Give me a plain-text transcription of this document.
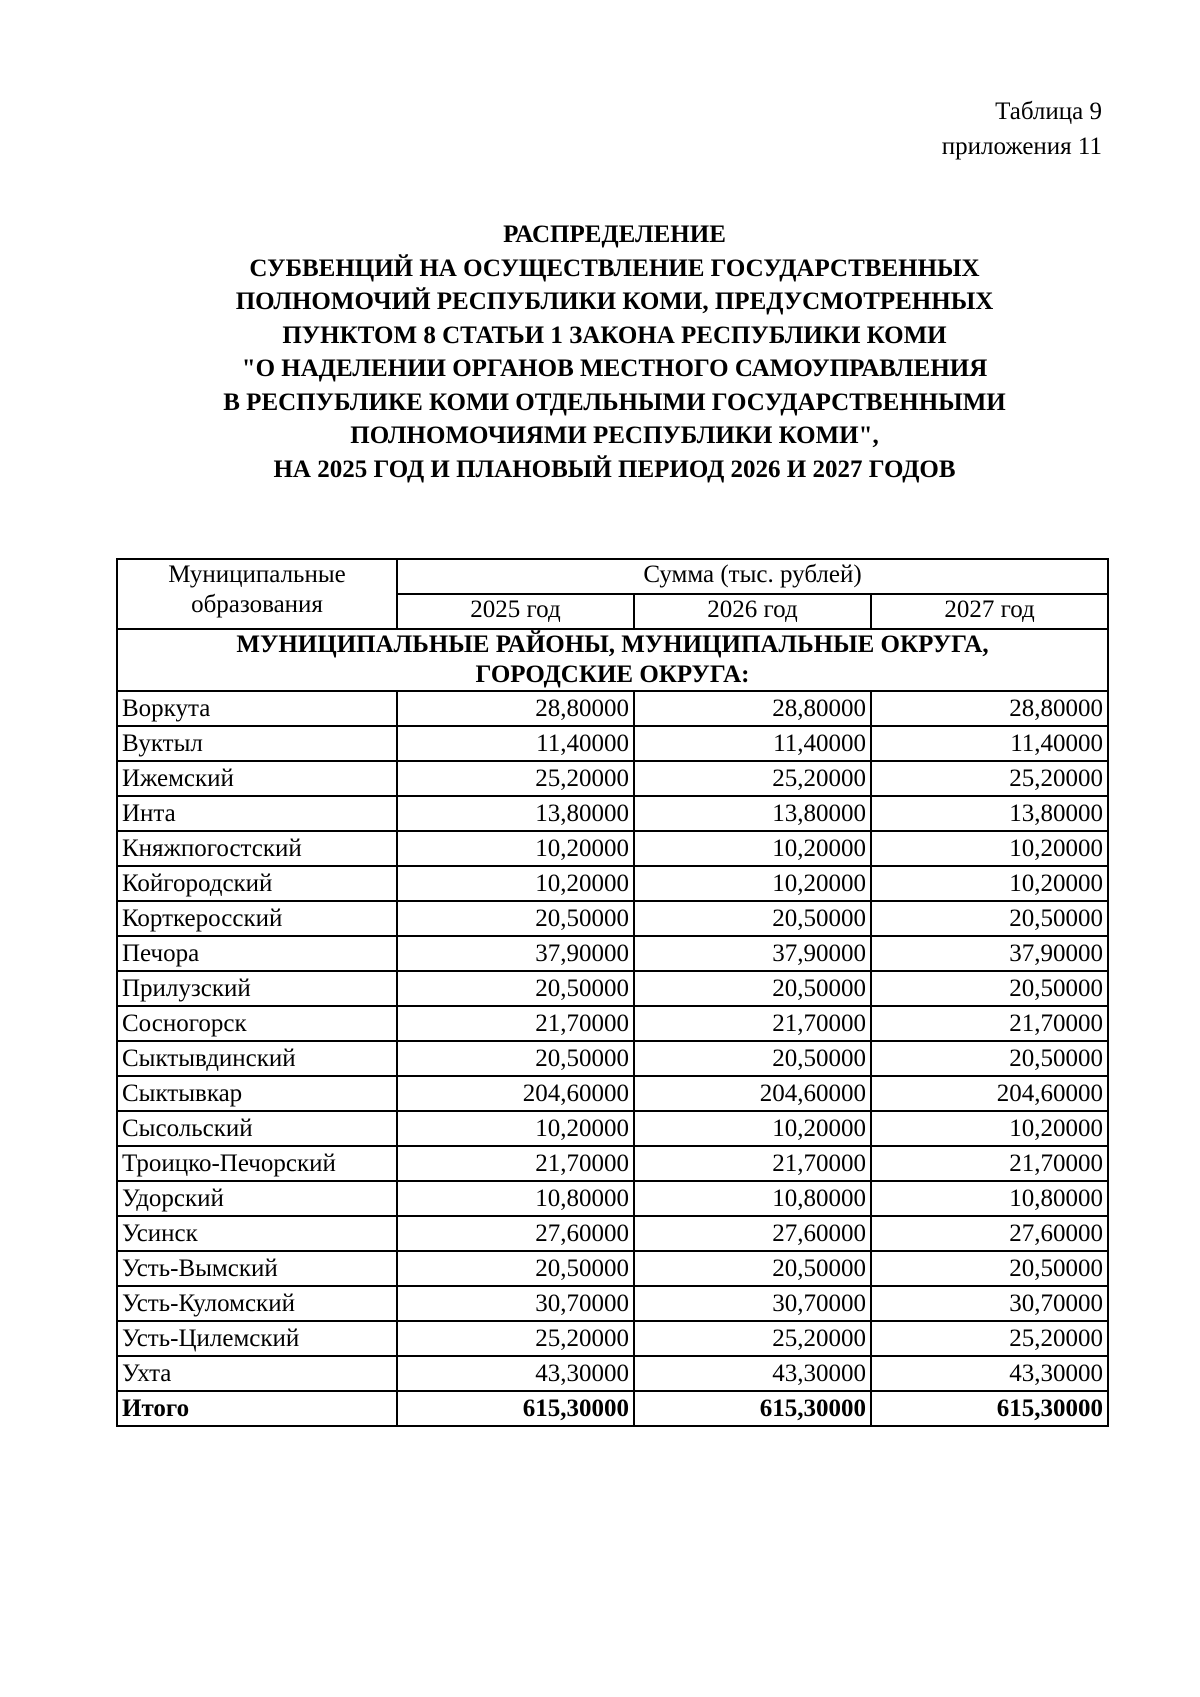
Таблица 9
приложения 11
РАСПРЕДЕЛЕНИЕ
СУБВЕНЦИЙ НА ОСУЩЕСТВЛЕНИЕ ГОСУДАРСТВЕННЫХ
ПОЛНОМОЧИЙ РЕСПУБЛИКИ КОМИ, ПРЕДУСМОТРЕННЫХ
ПУНКТОМ 8 СТАТЬИ 1 ЗАКОНА РЕСПУБЛИКИ КОМИ
"О НАДЕЛЕНИИ ОРГАНОВ МЕСТНОГО САМОУПРАВЛЕНИЯ
В РЕСПУБЛИКЕ КОМИ ОТДЕЛЬНЫМИ ГОСУДАРСТВЕННЫМИ
ПОЛНОМОЧИЯМИ РЕСПУБЛИКИ КОМИ",
НА 2025 ГОД И ПЛАНОВЫЙ ПЕРИОД 2026 И 2027 ГОДОВ
Муниципальные
образования	Сумма (тыс. рублей)		
	2025 год	2026 год	2027 год

МУНИЦИПАЛЬНЫЕ РАЙОНЫ, МУНИЦИПАЛЬНЫЕ ОКРУГА,
ГОРОДСКИЕ ОКРУГА:			

Воркута	28,80000	28,80000	28,80000
Вуктыл	11,40000	11,40000	11,40000
Ижемский	25,20000	25,20000	25,20000
Инта	13,80000	13,80000	13,80000
Княжпогостский	10,20000	10,20000	10,20000
Койгородский	10,20000	10,20000	10,20000
Корткеросский	20,50000	20,50000	20,50000
Печора	37,90000	37,90000	37,90000
Прилузский	20,50000	20,50000	20,50000
Сосногорск	21,70000	21,70000	21,70000
Сыктывдинский	20,50000	20,50000	20,50000
Сыктывкар	204,60000	204,60000	204,60000
Сысольский	10,20000	10,20000	10,20000
Троицко-Печорский	21,70000	21,70000	21,70000
Удорский	10,80000	10,80000	10,80000
Усинск	27,60000	27,60000	27,60000
Усть-Вымский	20,50000	20,50000	20,50000
Усть-Куломский	30,70000	30,70000	30,70000
Усть-Цилемский	25,20000	25,20000	25,20000
Ухта	43,30000	43,30000	43,30000
Итого	615,30000	615,30000	615,30000
